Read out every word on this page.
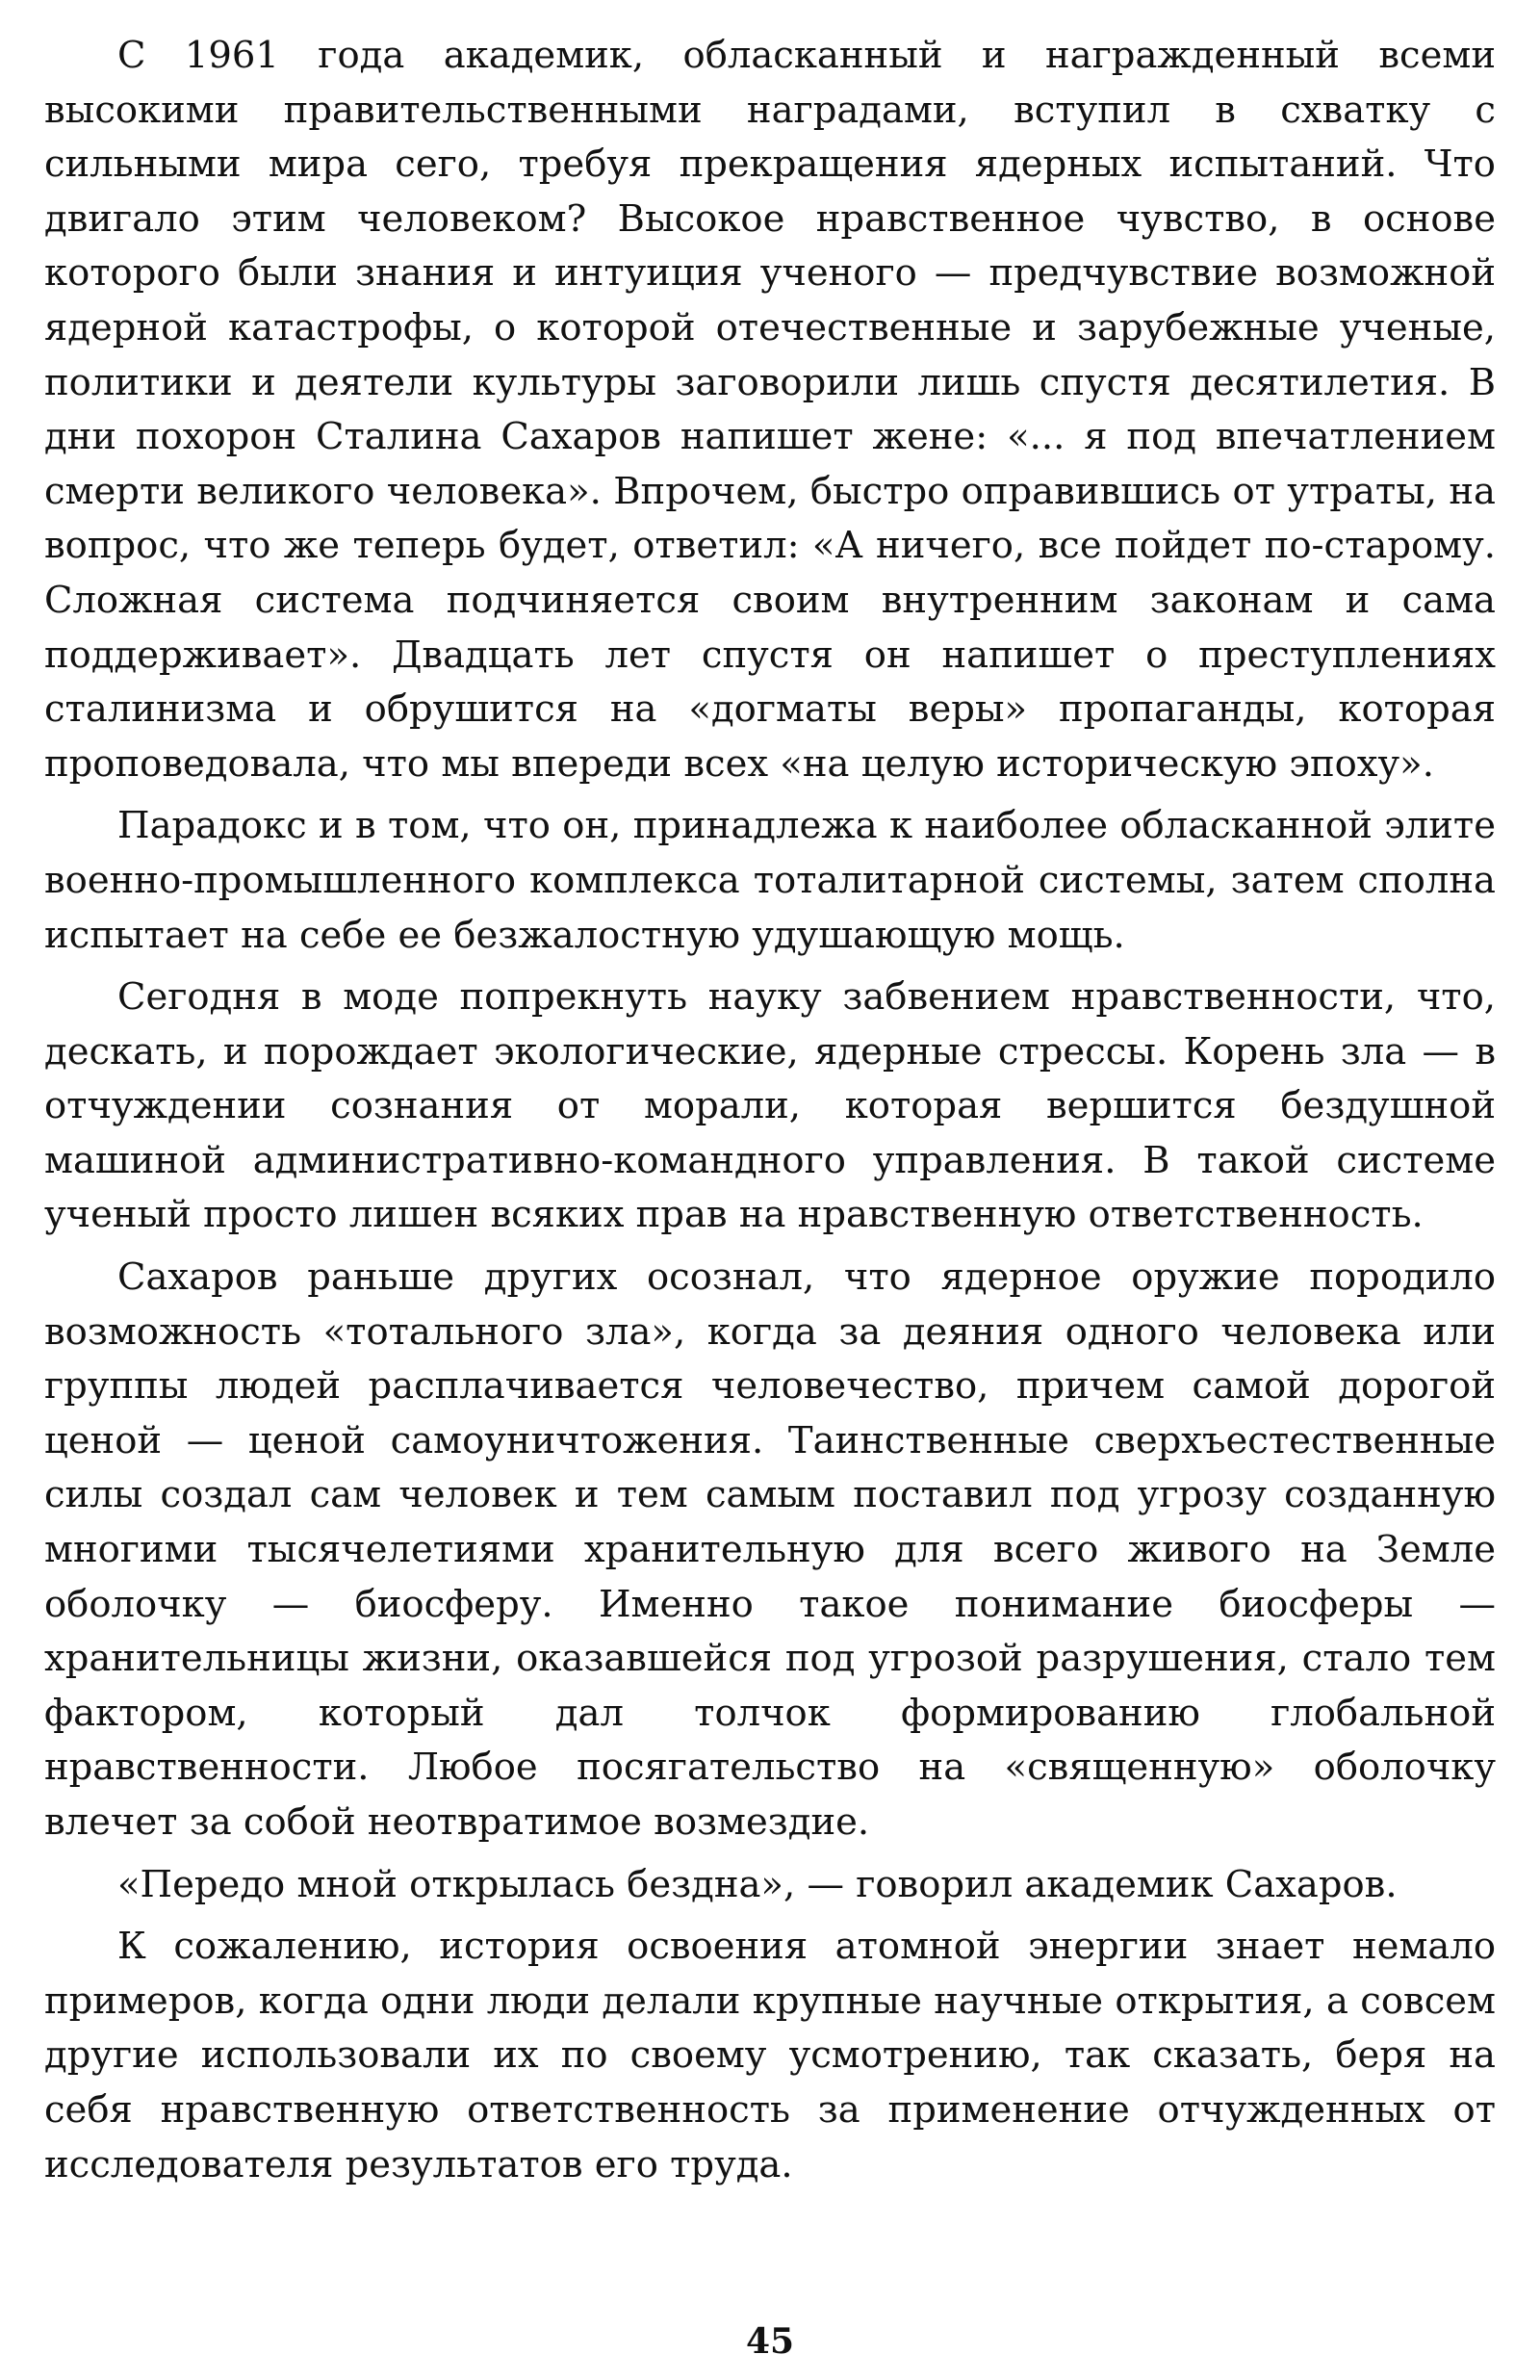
С 1961 года академик, обласканный и награжденный всеми высокими правительственными наградами, вступил в схватку с сильными мира сего, требуя прекращения ядерных испытаний. Что двигало этим человеком? Высокое нравственное чувство, в основе которого были знания и интуиция ученого — предчувствие возможной ядерной катастрофы, о которой отечественные и зарубежные ученые, политики и деятели культуры заговорили лишь спустя десятилетия. В дни похорон Сталина Сахаров напишет жене: «... я под впечатлением смерти великого человека». Впрочем, быстро оправившись от утраты, на вопрос, что же теперь будет, ответил: «А ничего, все пойдет по-старому. Сложная система подчиняется своим внутренним законам и сама поддерживает». Двадцать лет спустя он напишет о преступлениях сталинизма и обрушится на «догматы веры» пропаганды, которая проповедовала, что мы впереди всех «на целую историческую эпоху».

Парадокс и в том, что он, принадлежа к наиболее обласканной элите военно-промышленного комплекса тоталитарной системы, затем сполна испытает на себе ее безжалостную удушающую мощь.

Сегодня в моде попрекнуть науку забвением нравственности, что, дескать, и порождает экологические, ядерные стрессы. Корень зла — в отчуждении сознания от морали, которая вершится бездушной машиной административно-командного управления. В такой системе ученый просто лишен всяких прав на нравственную ответственность.

Сахаров раньше других осознал, что ядерное оружие породило возможность «тотального зла», когда за деяния одного человека или группы людей расплачивается человечество, причем самой дорогой ценой — ценой самоуничтожения. Таинственные сверхъестественные силы создал сам человек и тем самым поставил под угрозу созданную многими тысячелетиями хранительную для всего живого на Земле оболочку — биосферу. Именно такое понимание биосферы — хранительницы жизни, оказавшейся под угрозой разрушения, стало тем фактором, который дал толчок формированию глобальной нравственности. Любое посягательство на «священную» оболочку влечет за собой неотвратимое возмездие.

«Передо мной открылась бездна», — говорил академик Сахаров.

К сожалению, история освоения атомной энергии знает немало примеров, когда одни люди делали крупные научные открытия, а совсем другие использовали их по своему усмотрению, так сказать, беря на себя нравственную ответственность за применение отчужденных от исследователя результатов его труда.

45
